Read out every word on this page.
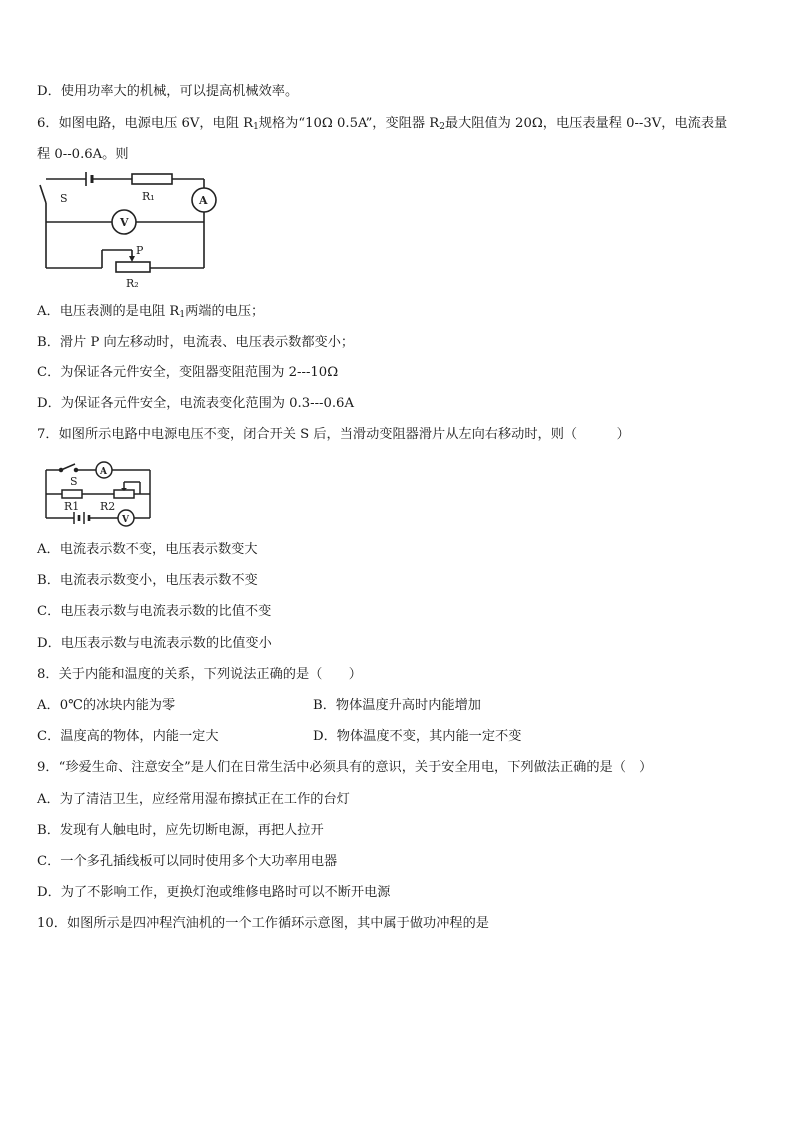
D．使用功率大的机械，可以提高机械效率。
6．如图电路，电源电压 6V，电阻 $R_1$规格为“10Ω 0.5A”，变阻器 $R_2$最大阻值为 20Ω，电压表量程 0--3V，电流表量
程 0--0.6A。则
S	R₁	A
V
P
R₂
A．电压表测的是电阻 $R_1$两端的电压；
B．滑片 P 向左移动时，电流表、电压表示数都变小；
C．为保证各元件安全，变阻器变阻范围为 2---10Ω
D．为保证各元件安全，电流表变化范围为 0.3---0.6A
7．如图所示电路中电源电压不变，闭合开关 S 后，当滑动变阻器滑片从左向右移动时，则（　　　）
S
A
R1 R2
V
A．电流表示数不变，电压表示数变大
B．电流表示数变小，电压表示数不变
C．电压表示数与电流表示数的比值不变
D．电压表示数与电流表示数的比值变小
8．关于内能和温度的关系，下列说法正确的是（　　）
A．0℃的冰块内能为零	B．物体温度升高时内能增加
C．温度高的物体，内能一定大	D．物体温度不变，其内能一定不变
9．“珍爱生命、注意安全”是人们在日常生活中必须具有的意识，关于安全用电，下列做法正确的是（　）
A．为了清洁卫生，应经常用湿布擦拭正在工作的台灯
B．发现有人触电时，应先切断电源，再把人拉开
C．一个多孔插线板可以同时使用多个大功率用电器
D．为了不影响工作，更换灯泡或维修电路时可以不断开电源
10．如图所示是四冲程汽油机的一个工作循环示意图，其中属于做功冲程的是
